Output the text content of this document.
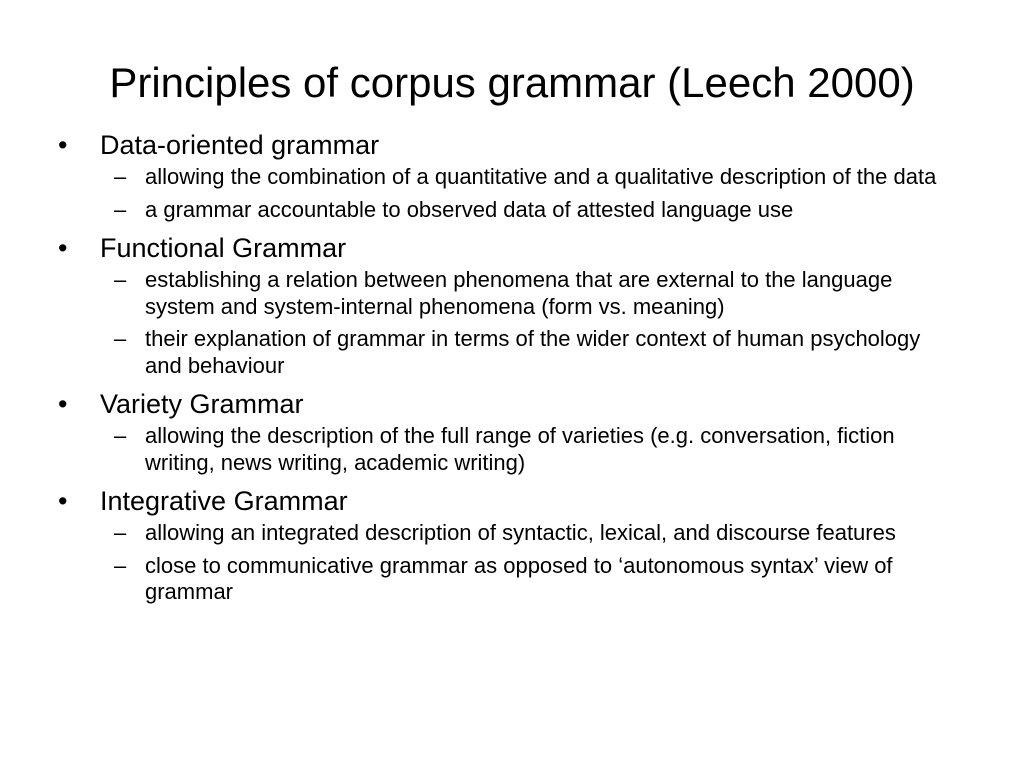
Principles of corpus grammar (Leech 2000)
• Data-oriented grammar
– allowing the combination of a quantitative and a qualitative description of the data
– a grammar accountable to observed data of attested language use
• Functional Grammar
– establishing a relation between phenomena that are external to the language system and system-internal phenomena (form vs. meaning)
– their explanation of grammar in terms of the wider context of human psychology and behaviour
• Variety Grammar
– allowing the description of the full range of varieties (e.g. conversation, fiction writing, news writing, academic writing)
• Integrative Grammar
– allowing an integrated description of syntactic, lexical, and discourse features
– close to communicative grammar as opposed to ‘autonomous syntax’ view of grammar
